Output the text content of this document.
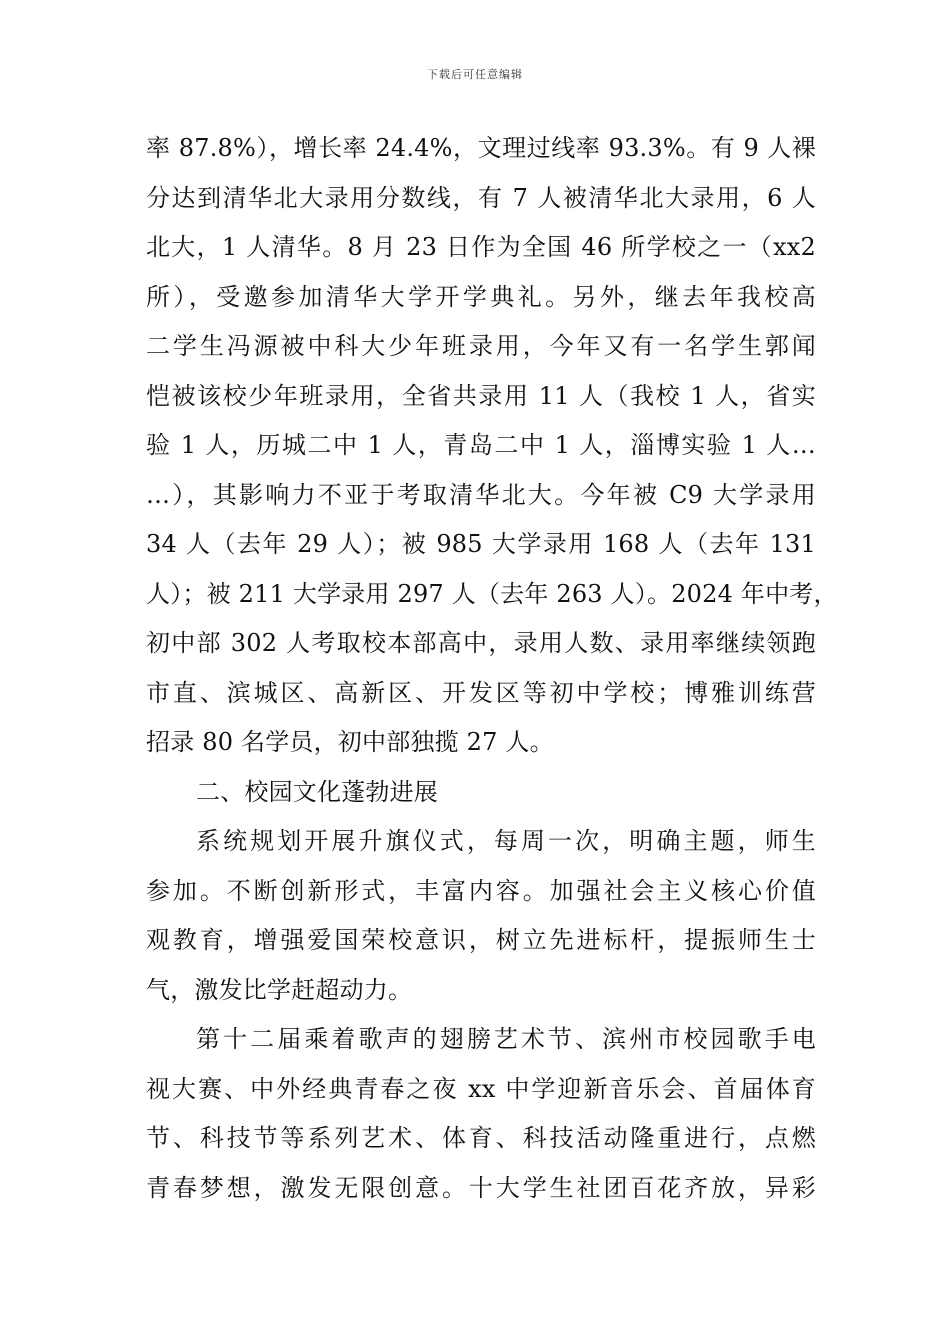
下载后可任意编辑
率 87.8%），增长率 24.4%，文理过线率 93.3%。有 9 人裸
分达到清华北大录用分数线，有 7 人被清华北大录用，6 人
北大，1 人清华。8 月 23 日作为全国 46 所学校之一（xx2
所），受邀参加清华大学开学典礼。另外，继去年我校高
二学生冯源被中科大少年班录用，今年又有一名学生郭闻
恺被该校少年班录用，全省共录用 11 人（我校 1 人，省实
验 1 人，历城二中 1 人，青岛二中 1 人，淄博实验 1 人…
…），其影响力不亚于考取清华北大。今年被 C9 大学录用
34 人（去年 29 人）；被 985 大学录用 168 人（去年 131
人）；被 211 大学录用 297 人（去年 263 人）。2024 年中考，
初中部 302 人考取校本部高中，录用人数、录用率继续领跑
市直、滨城区、高新区、开发区等初中学校；博雅训练营
招录 80 名学员，初中部独揽 27 人。
二、校园文化蓬勃进展
系统规划开展升旗仪式，每周一次，明确主题，师生
参加。不断创新形式，丰富内容。加强社会主义核心价值
观教育，增强爱国荣校意识，树立先进标杆，提振师生士
气，激发比学赶超动力。
第十二届乘着歌声的翅膀艺术节、滨州市校园歌手电
视大赛、中外经典青春之夜 xx 中学迎新音乐会、首届体育
节、科技节等系列艺术、体育、科技活动隆重进行，点燃
青春梦想，激发无限创意。十大学生社团百花齐放，异彩
